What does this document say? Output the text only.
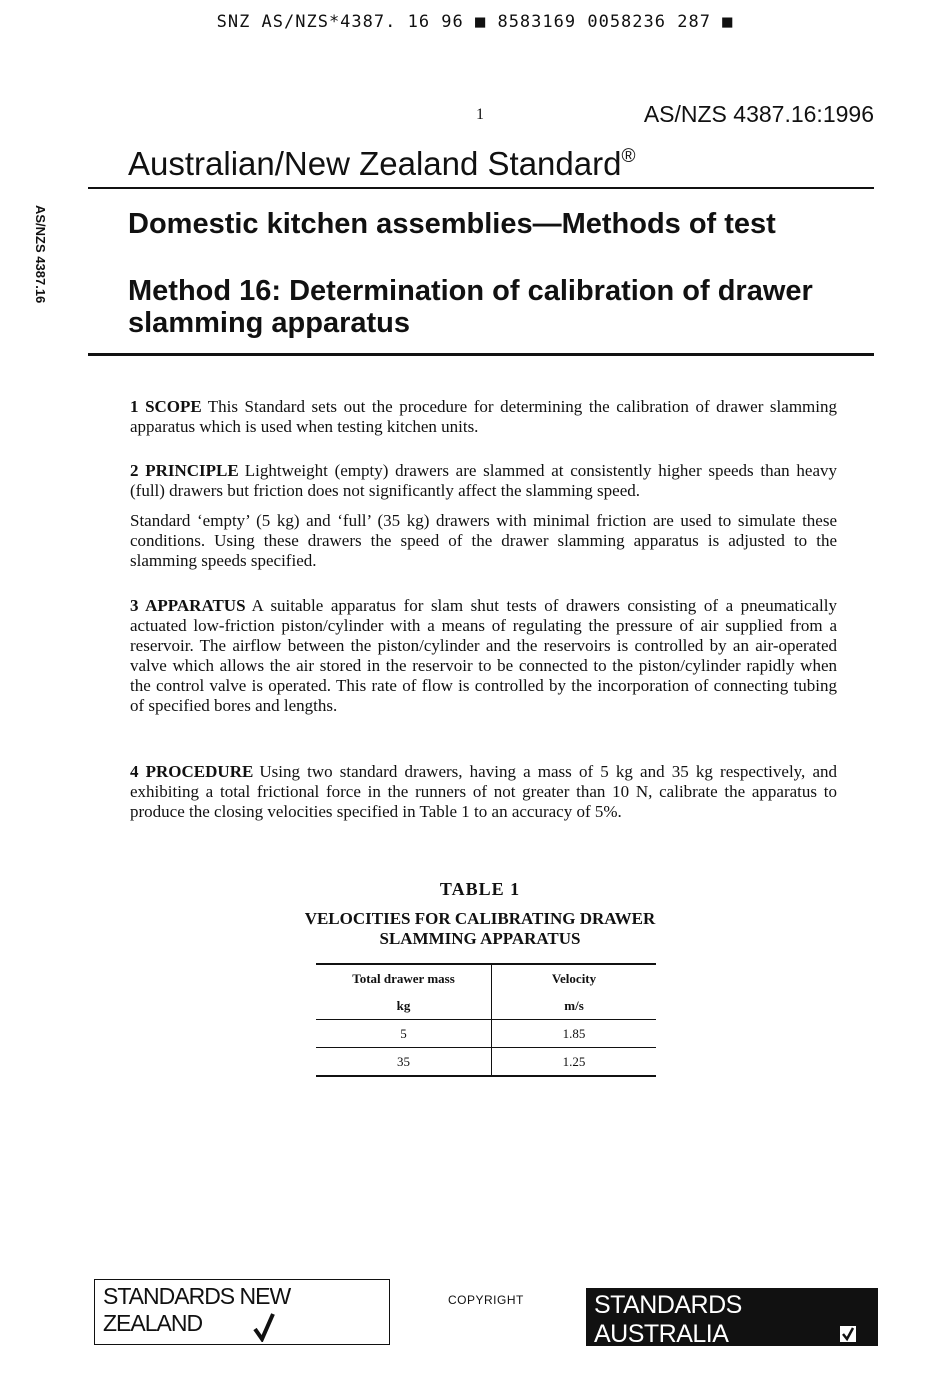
SNZ AS/NZS*4387. 16 96 ■ 8583169 0058236 287 ■
1	AS/NZS 4387.16:1996
AS/NZS 4387.16
Australian/New Zealand Standard®
Domestic kitchen assemblies—Methods of test
Method 16: Determination of calibration of drawer slamming apparatus
1 SCOPE This Standard sets out the procedure for determining the calibration of drawer slamming apparatus which is used when testing kitchen units.
2 PRINCIPLE Lightweight (empty) drawers are slammed at consistently higher speeds than heavy (full) drawers but friction does not significantly affect the slamming speed.
Standard ‘empty’ (5 kg) and ‘full’ (35 kg) drawers with minimal friction are used to simulate these conditions. Using these drawers the speed of the drawer slamming apparatus is adjusted to the slamming speeds specified.
3 APPARATUS A suitable apparatus for slam shut tests of drawers consisting of a pneumatically actuated low-friction piston/cylinder with a means of regulating the pressure of air supplied from a reservoir. The airflow between the piston/cylinder and the reservoirs is controlled by an air-operated valve which allows the air stored in the reservoir to be connected to the piston/cylinder rapidly when the control valve is operated. This rate of flow is controlled by the incorporation of connecting tubing of specified bores and lengths.
4 PROCEDURE Using two standard drawers, having a mass of 5 kg and 35 kg respectively, and exhibiting a total frictional force in the runners of not greater than 10 N, calibrate the apparatus to produce the closing velocities specified in Table 1 to an accuracy of 5%.
TABLE 1
VELOCITIES FOR CALIBRATING DRAWER SLAMMING APPARATUS
Total drawer mass	Velocity
kg	m/s
5	1.85
35	1.25
STANDARDS NEW ZEALAND
COPYRIGHT	STANDARDS AUSTRALIA
